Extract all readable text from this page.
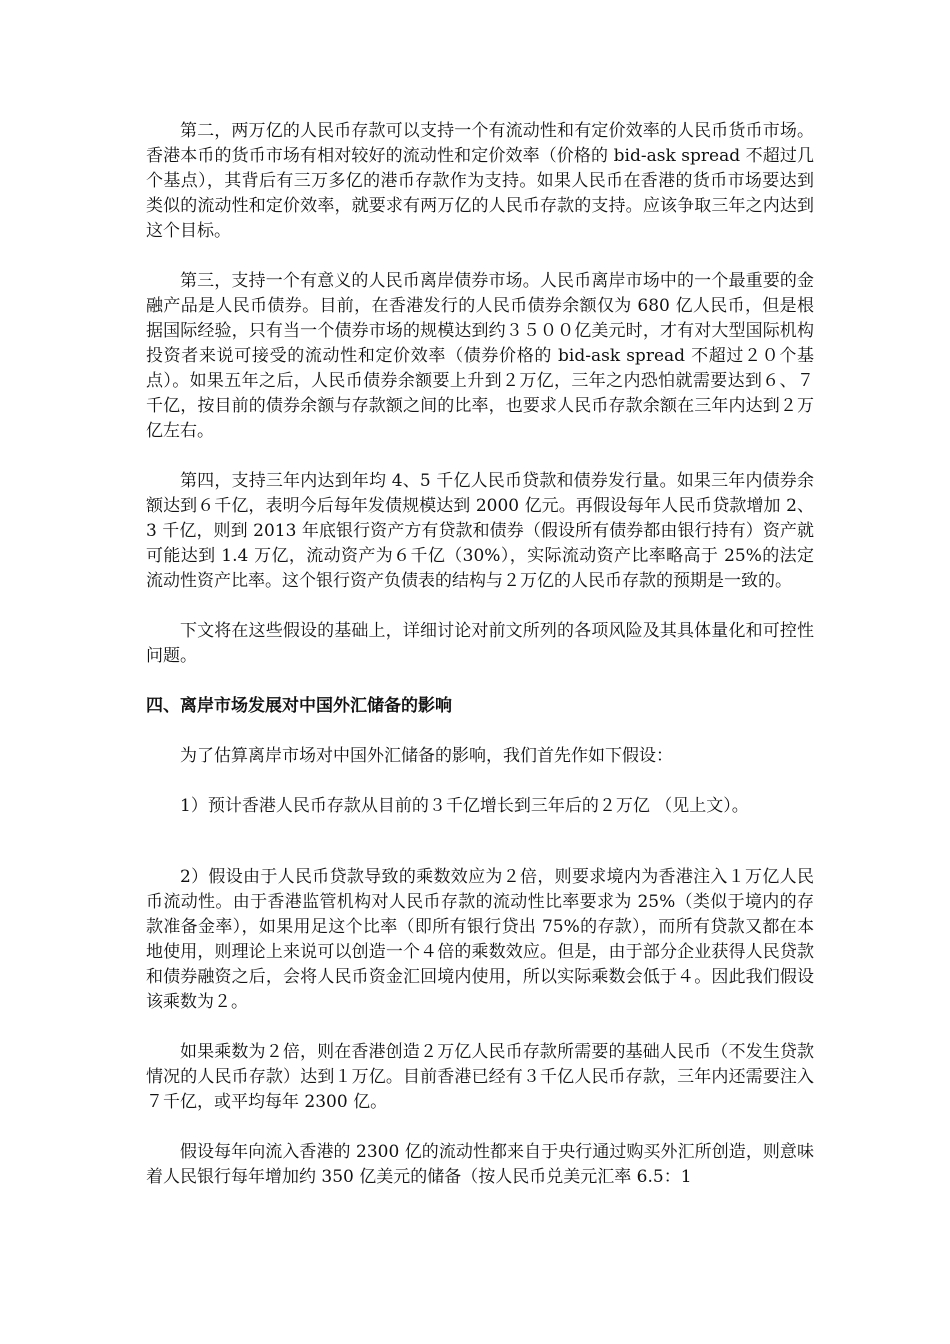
第二，两万亿的人民币存款可以支持一个有流动性和有定价效率的人民币货币市场。香港本币的货币市场有相对较好的流动性和定价效率（价格的 bid-ask spread 不超过几个基点），其背后有三万多亿的港币存款作为支持。如果人民币在香港的货币市场要达到类似的流动性和定价效率，就要求有两万亿的人民币存款的支持。应该争取三年之内达到这个目标。

第三，支持一个有意义的人民币离岸债券市场。人民币离岸市场中的一个最重要的金融产品是人民币债券。目前，在香港发行的人民币债券余额仅为 680 亿人民币，但是根据国际经验，只有当一个债券市场的规模达到约３５００亿美元时，才有对大型国际机构投资者来说可接受的流动性和定价效率（债券价格的 bid-ask spread 不超过２０个基点）。如果五年之后，人民币债券余额要上升到２万亿，三年之内恐怕就需要达到６、７千亿，按目前的债券余额与存款额之间的比率，也要求人民币存款余额在三年内达到２万亿左右。

第四，支持三年内达到年均 4、5 千亿人民币贷款和债券发行量。如果三年内债券余额达到６千亿，表明今后每年发债规模达到 2000 亿元。再假设每年人民币贷款增加 2、3 千亿，则到 2013 年底银行资产方有贷款和债券（假设所有债券都由银行持有）资产就可能达到 1.4 万亿，流动资产为６千亿（30%），实际流动资产比率略高于 25%的法定流动性资产比率。这个银行资产负债表的结构与２万亿的人民币存款的预期是一致的。

下文将在这些假设的基础上，详细讨论对前文所列的各项风险及其具体量化和可控性问题。

四、离岸市场发展对中国外汇储备的影响

为了估算离岸市场对中国外汇储备的影响，我们首先作如下假设：

1）预计香港人民币存款从目前的３千亿增长到三年后的２万亿 （见上文）。

2）假设由于人民币贷款导致的乘数效应为２倍，则要求境内为香港注入１万亿人民币流动性。由于香港监管机构对人民币存款的流动性比率要求为 25%（类似于境内的存款准备金率），如果用足这个比率（即所有银行贷出 75%的存款），而所有贷款又都在本地使用，则理论上来说可以创造一个４倍的乘数效应。但是，由于部分企业获得人民贷款和债券融资之后，会将人民币资金汇回境内使用，所以实际乘数会低于４。因此我们假设该乘数为２。

如果乘数为２倍，则在香港创造２万亿人民币存款所需要的基础人民币（不发生贷款情况的人民币存款）达到１万亿。目前香港已经有３千亿人民币存款，三年内还需要注入７千亿，或平均每年 2300 亿。

假设每年向流入香港的 2300 亿的流动性都来自于央行通过购买外汇所创造，则意味着人民银行每年增加约 350 亿美元的储备（按人民币兑美元汇率 6.5：1
